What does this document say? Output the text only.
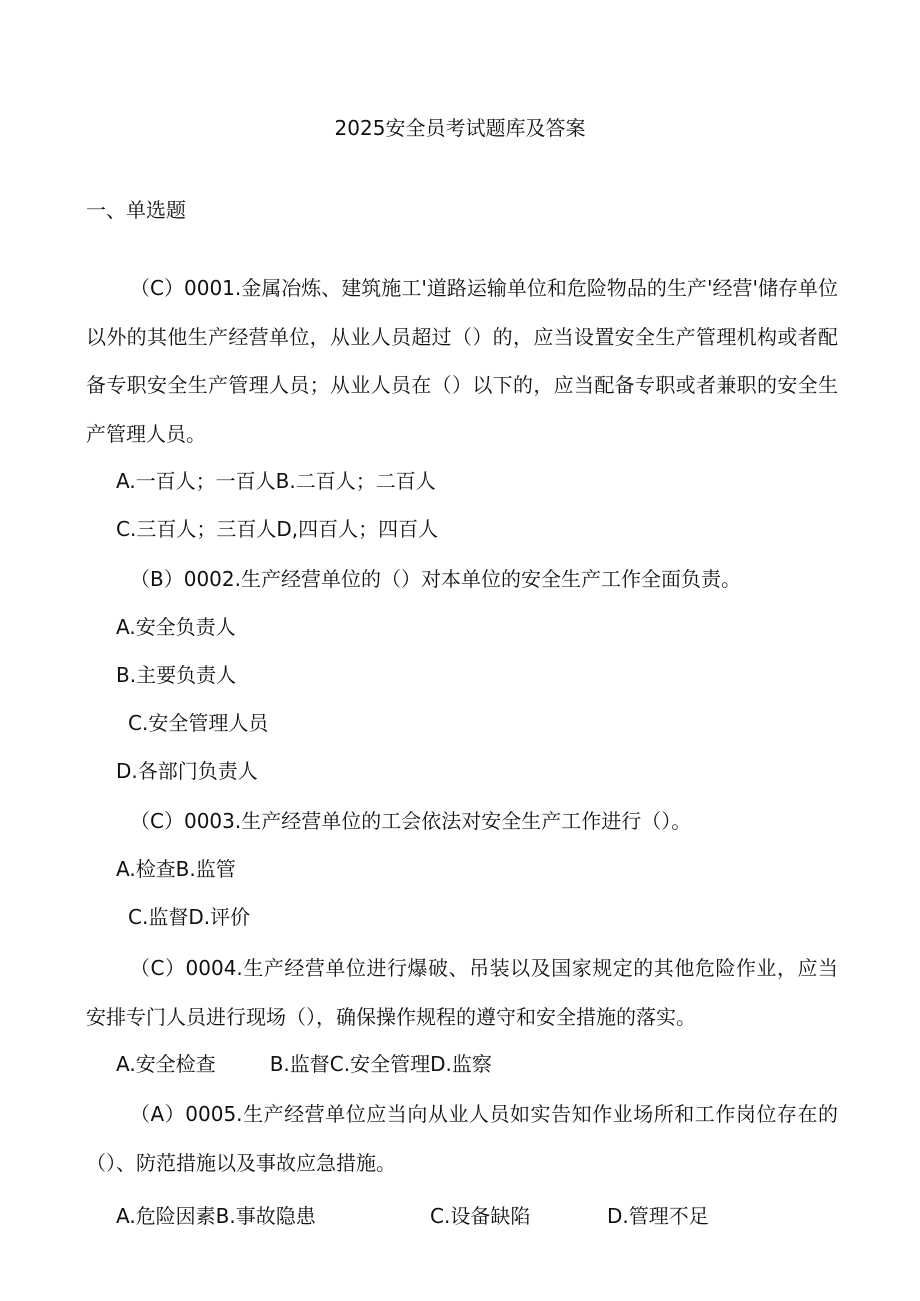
2025安全员考试题库及答案
一、单选题

（C）0001.金属冶炼、建筑施工'道路运输单位和危险物品的生产'经营'储存单位以外的其他生产经营单位，从业人员超过（）的，应当设置安全生产管理机构或者配备专职安全生产管理人员；从业人员在（）以下的，应当配备专职或者兼职的安全生产管理人员。

A.一百人；一百人B.二百人；二百人
C.三百人；三百人D,四百人；四百人

（B）0002.生产经营单位的（）对本单位的安全生产工作全面负责。

A.安全负责人
B.主要负责人
C.安全管理人员
D.各部门负责人

（C）0003.生产经营单位的工会依法对安全生产工作进行（）。

A.检查B.监管
C.监督D.评价

（C）0004.生产经营单位进行爆破、吊装以及国家规定的其他危险作业，应当安排专门人员进行现场（），确保操作规程的遵守和安全措施的落实。

A.安全检查	B.监督C.安全管理D.监察

（A）0005.生产经营单位应当向从业人员如实告知作业场所和工作岗位存在的（）、防范措施以及事故应急措施。

A.危险因素B.事故隐患	C.设备缺陷	D.管理不足
